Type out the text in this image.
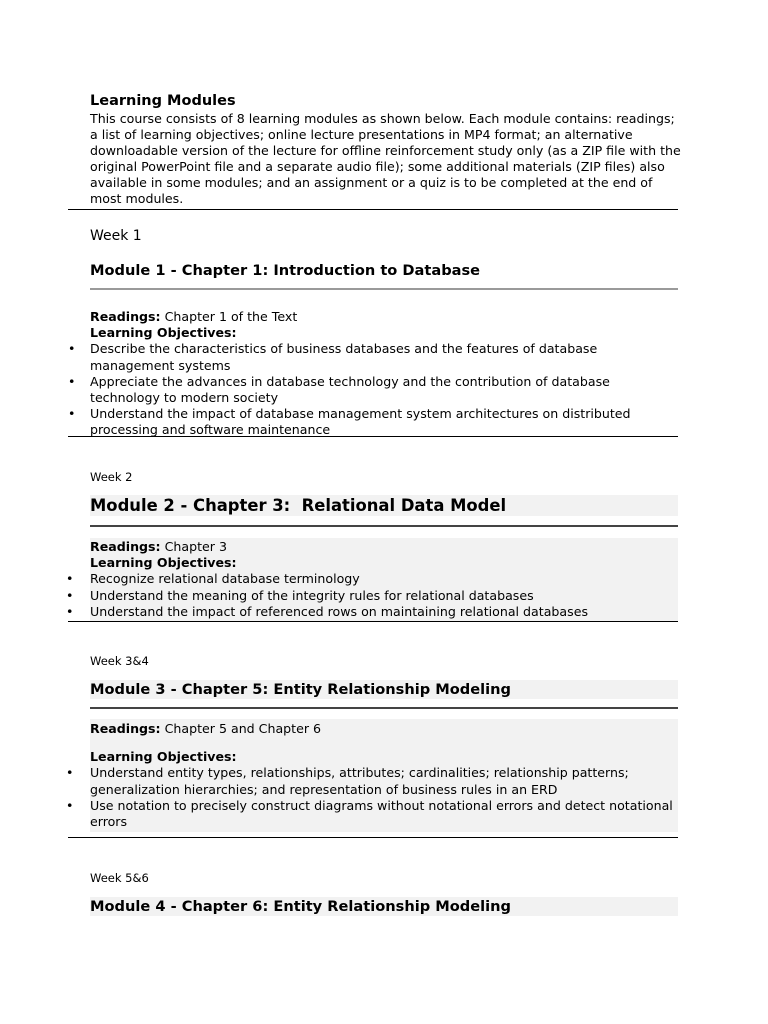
Learning Modules
This course consists of 8 learning modules as shown below. Each module contains: readings; a list of learning objectives; online lecture presentations in MP4 format; an alternative downloadable version of the lecture for offline reinforcement study only (as a ZIP file with the original PowerPoint file and a separate audio file); some additional materials (ZIP files) also available in some modules; and an assignment or a quiz is to be completed at the end of most modules.
Week 1
Module 1 - Chapter 1: Introduction to Database
Readings: Chapter 1 of the Text
Learning Objectives:
• Describe the characteristics of business databases and the features of database management systems
• Appreciate the advances in database technology and the contribution of database technology to modern society
• Understand the impact of database management system architectures on distributed processing and software maintenance
Week 2
Module 2 - Chapter 3:  Relational Data Model
Readings: Chapter 3
Learning Objectives:
• Recognize relational database terminology
• Understand the meaning of the integrity rules for relational databases
• Understand the impact of referenced rows on maintaining relational databases
Week 3&4
Module 3 - Chapter 5: Entity Relationship Modeling
Readings: Chapter 5 and Chapter 6
Learning Objectives:
• Understand entity types, relationships, attributes; cardinalities; relationship patterns; generalization hierarchies; and representation of business rules in an ERD
• Use notation to precisely construct diagrams without notational errors and detect notational errors
Week 5&6
Module 4 - Chapter 6: Entity Relationship Modeling
